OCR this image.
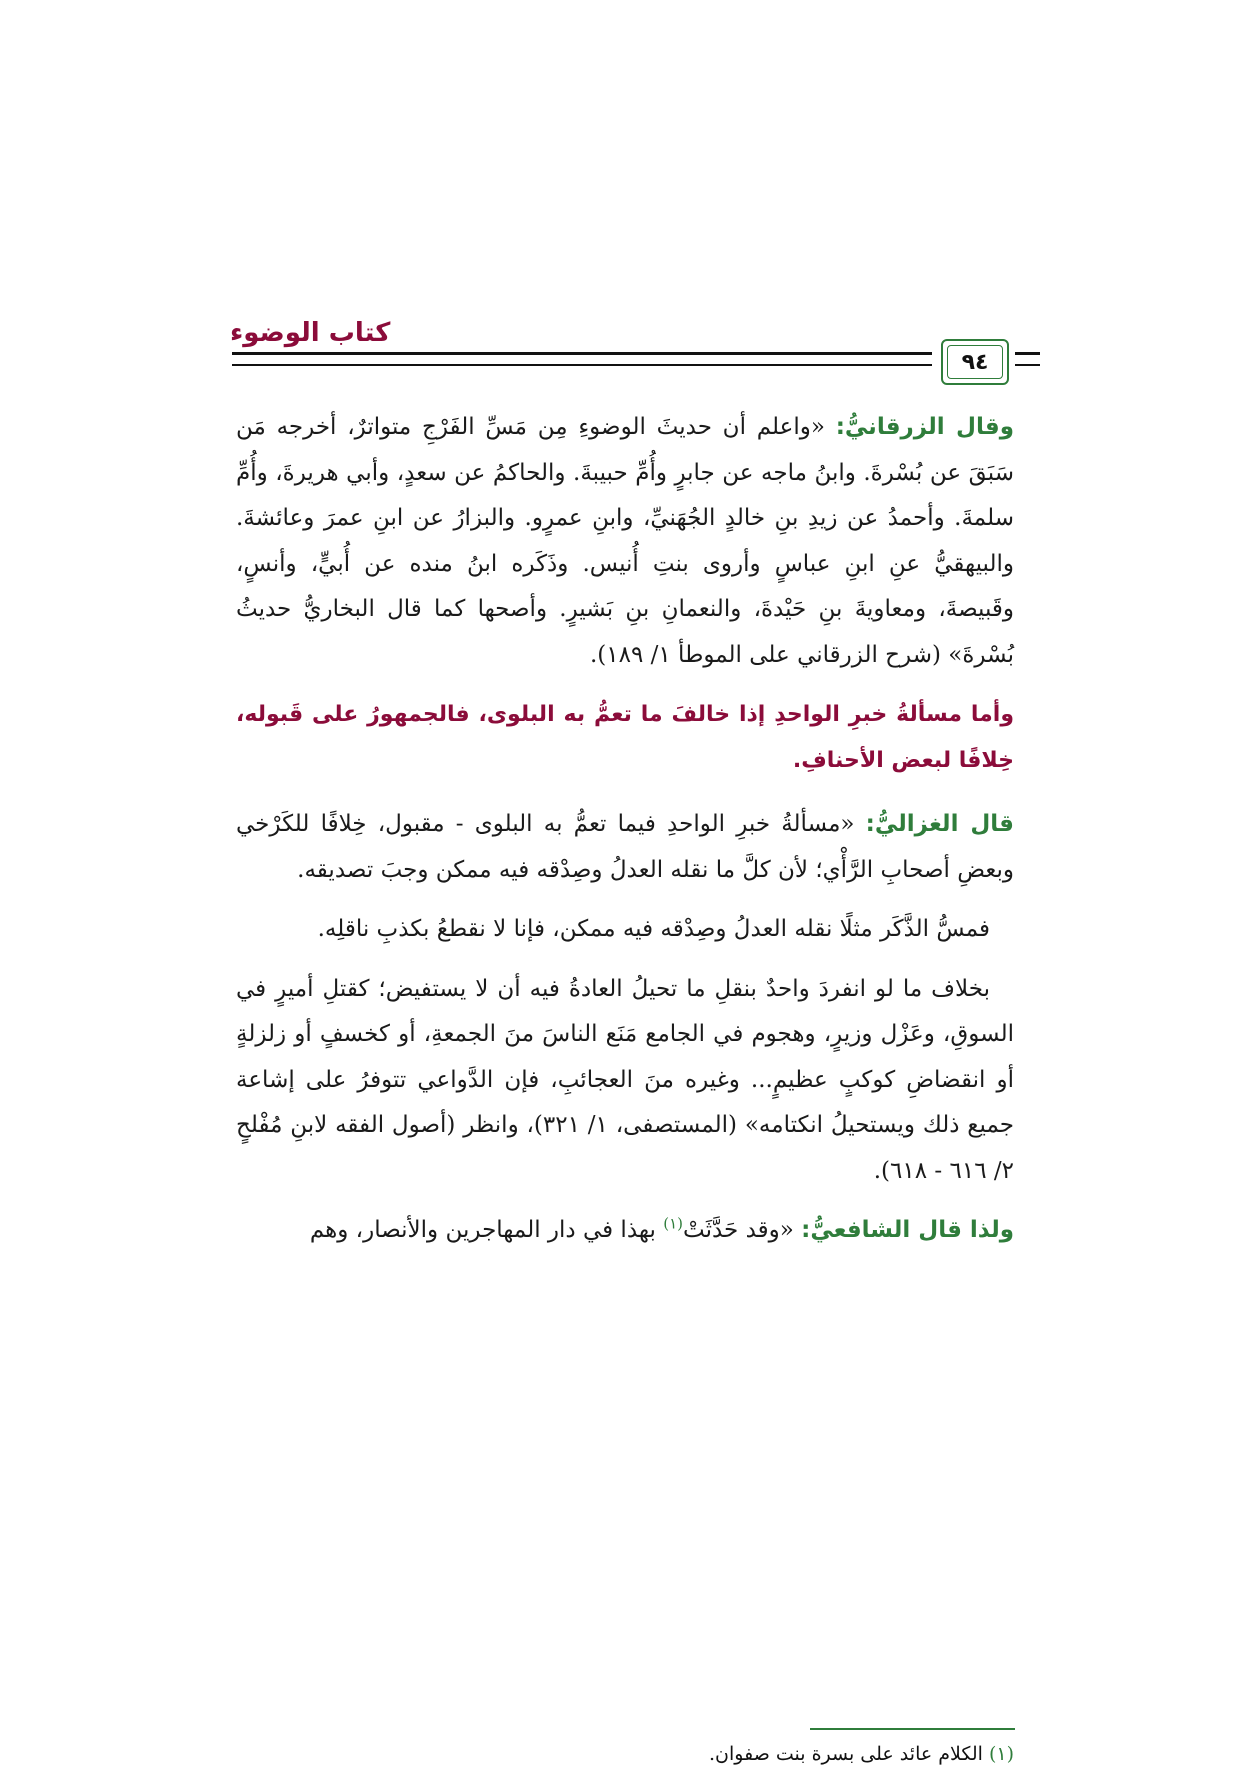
كتاب الوضوء
٩٤

وقال الزرقانيُّ: «واعلم أن حديثَ الوضوءِ مِن مَسِّ الفَرْجِ متواترٌ، أخرجه مَن سَبَقَ عن بُسْرةَ. وابنُ ماجه عن جابرٍ وأُمِّ حبيبةَ. والحاكمُ عن سعدٍ، وأبي هريرةَ، وأُمِّ سلمةَ. وأحمدُ عن زيدِ بنِ خالدٍ الجُهَنيِّ، وابنِ عمرٍو. والبزارُ عن ابنِ عمرَ وعائشةَ. والبيهقيُّ عنِ ابنِ عباسٍ وأروى بنتِ أُنيس. وذَكَره ابنُ منده عن أُبيٍّ، وأنسٍ، وقَبيصةَ، ومعاويةَ بنِ حَيْدةَ، والنعمانِ بنِ بَشيرٍ. وأصحها كما قال البخاريُّ حديثُ بُسْرةَ» (شرح الزرقاني على الموطأ ١/ ١٨٩).

وأما مسألةُ خبرِ الواحدِ إذا خالفَ ما تعمُّ به البلوى، فالجمهورُ على قَبوله، خِلافًا لبعض الأحنافِ.

قال الغزاليُّ: «مسألةُ خبرِ الواحدِ فيما تعمُّ به البلوى - مقبول، خِلافًا للكَرْخي وبعضِ أصحابِ الرَّأْي؛ لأن كلَّ ما نقله العدلُ وصِدْقه فيه ممكن وجبَ تصديقه.

فمسُّ الذَّكَر مثلًا نقله العدلُ وصِدْقه فيه ممكن، فإنا لا نقطعُ بكذبِ ناقلِه.

بخلاف ما لو انفردَ واحدٌ بنقلِ ما تحيلُ العادةُ فيه أن لا يستفيض؛ كقتلِ أميرٍ في السوقِ، وعَزْل وزيرٍ، وهجوم في الجامع مَنَع الناسَ منَ الجمعةِ، أو كخسفٍ أو زلزلةٍ أو انقضاضِ كوكبٍ عظيمٍ... وغيره منَ العجائبِ، فإن الدَّواعي تتوفرُ على إشاعة جميع ذلك ويستحيلُ انكتامه» (المستصفى، ١/ ٣٢١)، وانظر (أصول الفقه لابنِ مُفْلحٍ ٢/ ٦١٦ - ٦١٨).

ولذا قال الشافعيُّ: «وقد حَدَّثَتْ$^{(١)}$ بهذا في دار المهاجرين والأنصار، وهم

(١) الكلام عائد على بسرة بنت صفوان.
